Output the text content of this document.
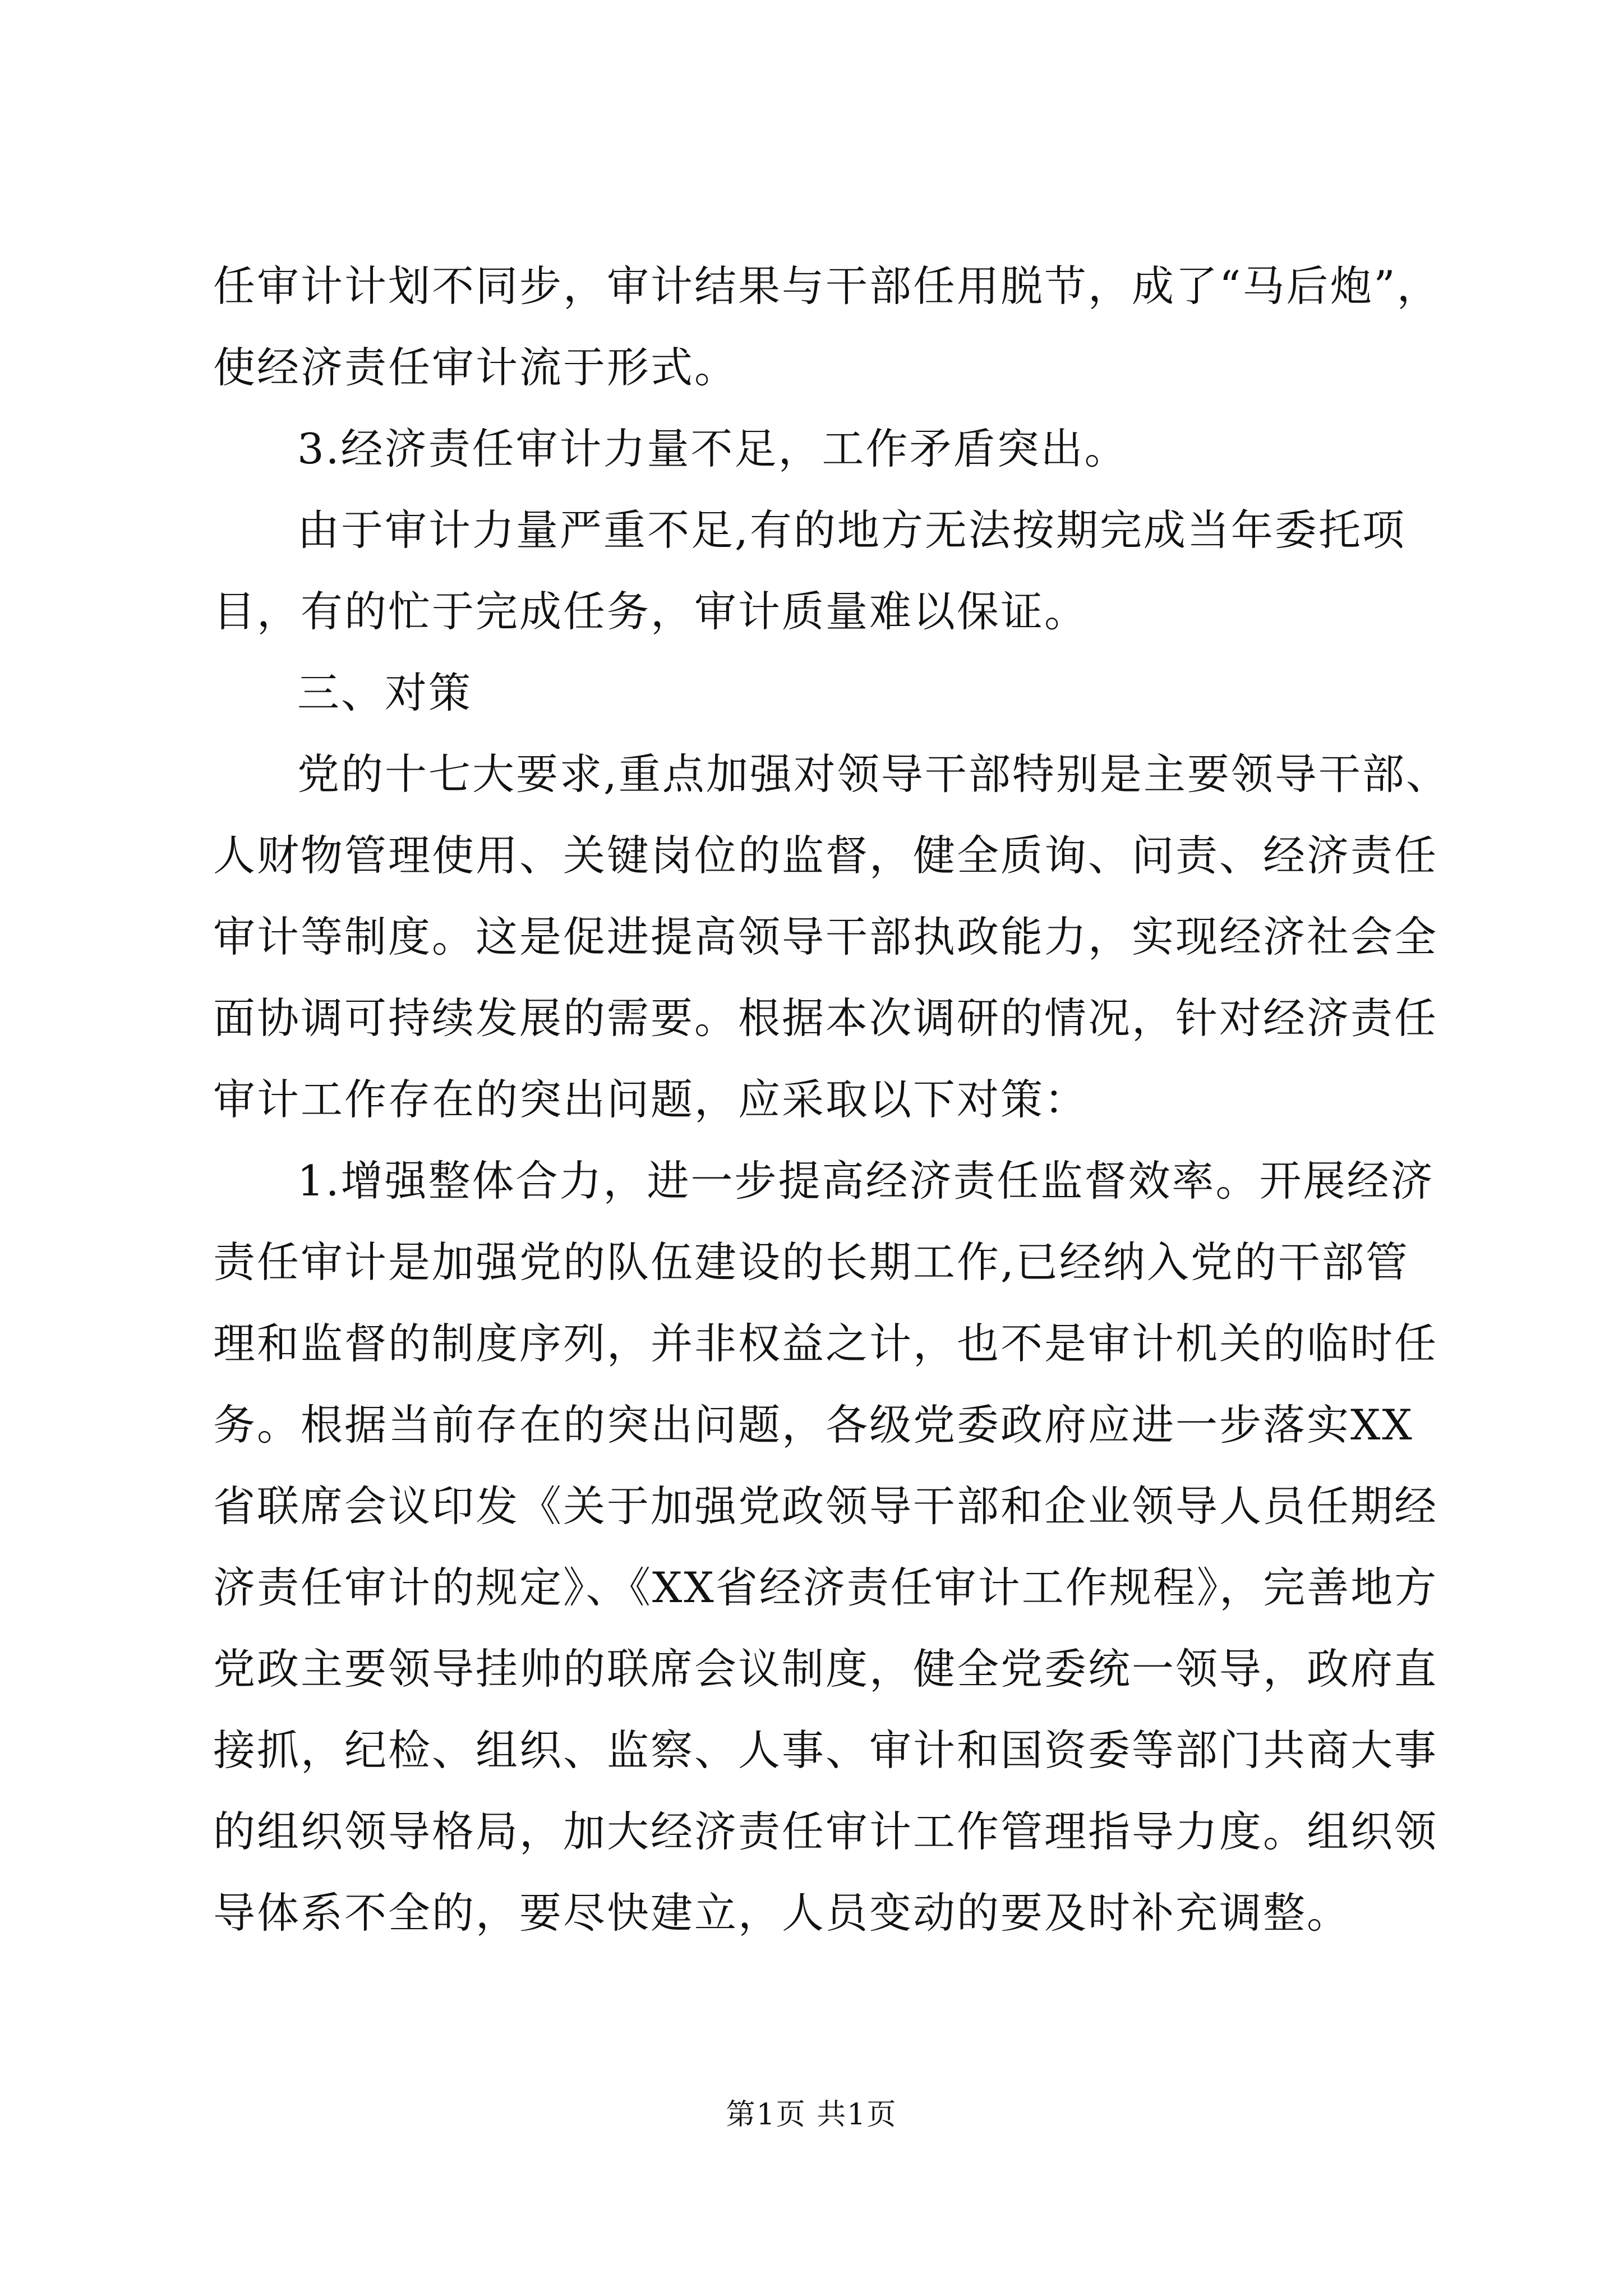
任审计计划不同步，审计结果与干部任用脱节，成了“马后炮”，
使经济责任审计流于形式。
3.经济责任审计力量不足，工作矛盾突出。
由于审计力量严重不足,有的地方无法按期完成当年委托项
目，有的忙于完成任务，审计质量难以保证。
三、对策
党的十七大要求,重点加强对领导干部特别是主要领导干部、
人财物管理使用、关键岗位的监督，健全质询、问责、经济责任
审计等制度。这是促进提高领导干部执政能力，实现经济社会全
面协调可持续发展的需要。根据本次调研的情况，针对经济责任
审计工作存在的突出问题，应采取以下对策：
1.增强整体合力，进一步提高经济责任监督效率。开展经济
责任审计是加强党的队伍建设的长期工作,已经纳入党的干部管
理和监督的制度序列，并非权益之计，也不是审计机关的临时任
务。根据当前存在的突出问题，各级党委政府应进一步落实XX
省联席会议印发《关于加强党政领导干部和企业领导人员任期经
济责任审计的规定》、《XX省经济责任审计工作规程》，完善地方
党政主要领导挂帅的联席会议制度，健全党委统一领导，政府直
接抓，纪检、组织、监察、人事、审计和国资委等部门共商大事
的组织领导格局，加大经济责任审计工作管理指导力度。组织领
导体系不全的，要尽快建立，人员变动的要及时补充调整。
第1页 共1页
